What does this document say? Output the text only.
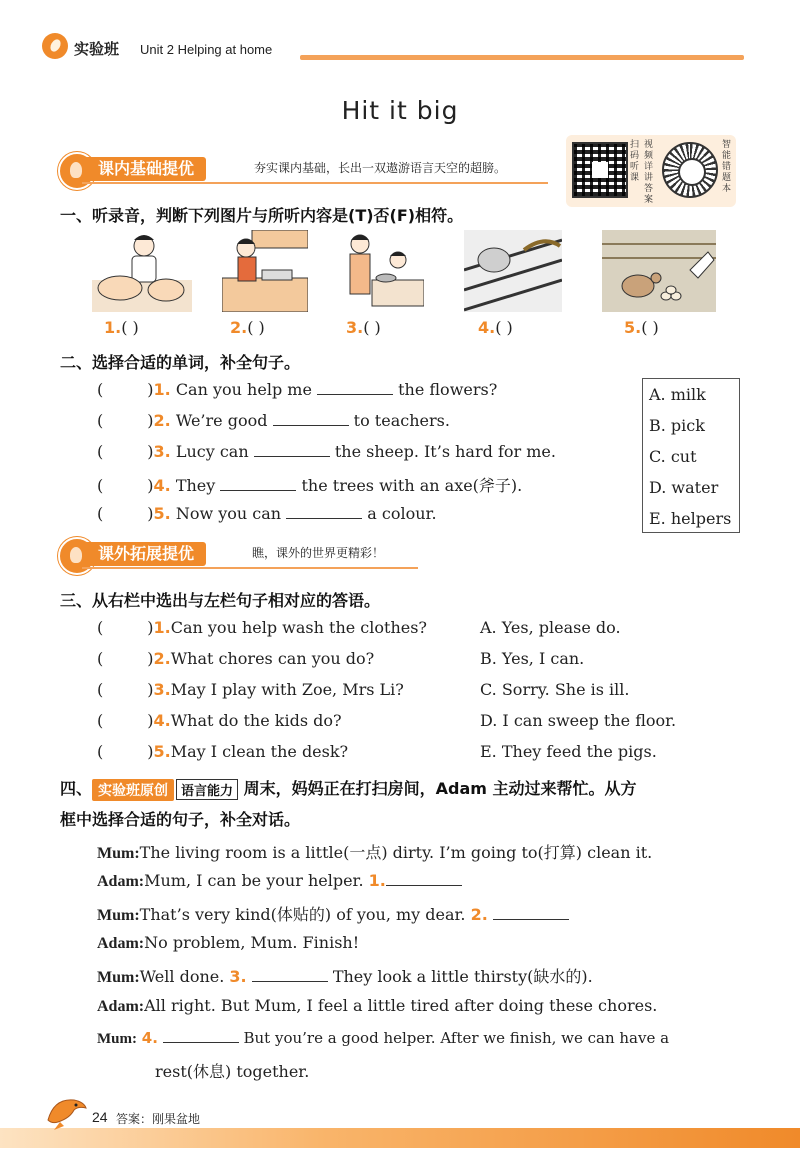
实验班 Unit 2 Helping at home
Hit it big
课内基础提优	夯实课内基础，长出一双遨游语言天空的超膀。
扫码听课
视频详讲答案
智能错题本
一、听录音，判断下列图片与所听内容是(T)否(F)相符。
1.( )	2.( )	3.( )	4.( )	5.( )
二、选择合适的单词，补全句子。
(	)1. Can you help me	the flowers?
(	)2. We’re good	to teachers.
(	)3. Lucy can	the sheep. It’s hard for me.
(	)4. They	the trees with an axe(斧子).
(	)5. Now you can	a colour.
A. milk
B. pick
C. cut
D. water
E. helpers
课外拓展提优	瞧，课外的世界更精彩！
三、从右栏中选出与左栏句子相对应的答语。
(	)1.Can you help wash the clothes?	A. Yes, please do.
(	)2.What chores can you do?	B. Yes, I can.
(	)3.May I play with Zoe, Mrs Li?	C. Sorry. She is ill.
(	)4.What do the kids do?	D. I can sweep the floor.
(	)5.May I clean the desk?	E. They feed the pigs.
四、 实验班原创 语言能力 周末，妈妈正在打扫房间，Adam 主动过来帮忙。从方
框中选择合适的句子，补全对话。
Mum:The living room is a little(一点) dirty. I’m going to(打算) clean it.
Adam:Mum, I can be your helper. 1.
Mum:That’s very kind(体贴的) of you, my dear. 2.
Adam:No problem, Mum. Finish!
Mum:Well done. 3.	They look a little thirsty(缺水的).
Adam:All right. But Mum, I feel a little tired after doing these chores.
Mum: 4.	But you’re a good helper. After we finish, we can have a
rest(休息) together.
24 答案：刚果盆地
